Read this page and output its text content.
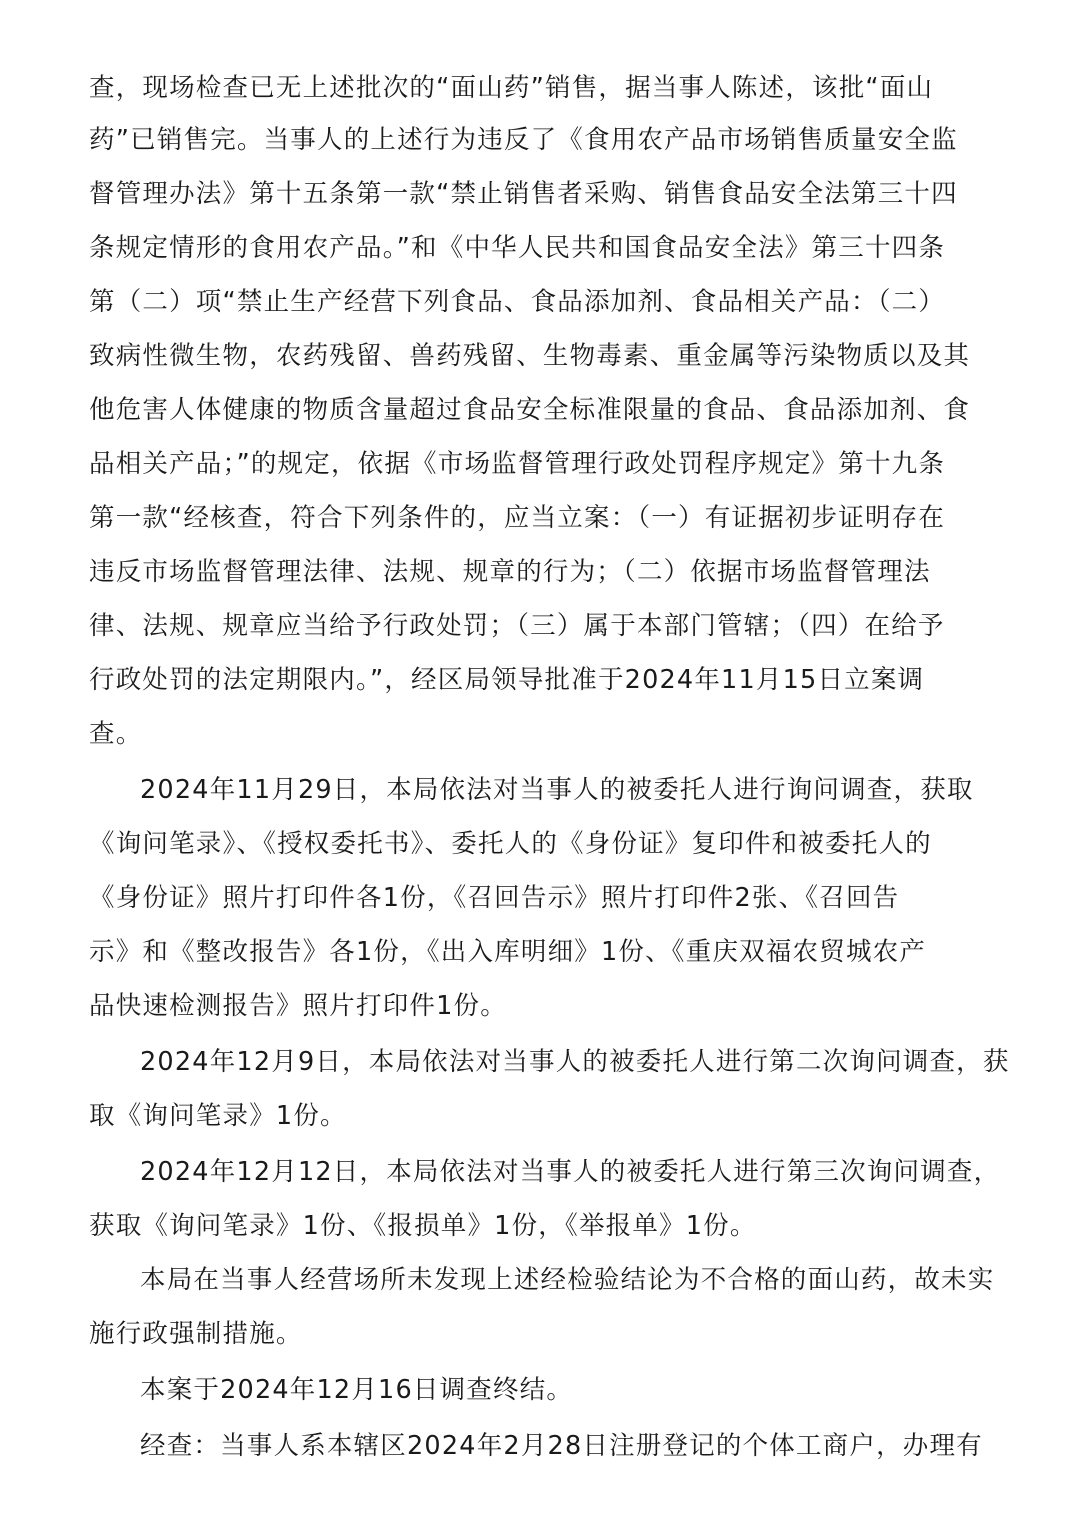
查，现场检查已无上述批次的“面山药”销售，据当事人陈述，该批“面山
药”已销售完。当事人的上述行为违反了《食用农产品市场销售质量安全监
督管理办法》第十五条第一款“禁止销售者采购、销售食品安全法第三十四
条规定情形的食用农产品。”和《中华人民共和国食品安全法》第三十四条
第（二）项“禁止生产经营下列食品、食品添加剂、食品相关产品：（二）
致病性微生物，农药残留、兽药残留、生物毒素、重金属等污染物质以及其
他危害人体健康的物质含量超过食品安全标准限量的食品、食品添加剂、食
品相关产品；”的规定，依据《市场监督管理行政处罚程序规定》第十九条
第一款“经核查，符合下列条件的，应当立案：（一）有证据初步证明存在
违反市场监督管理法律、法规、规章的行为；（二）依据市场监督管理法
律、法规、规章应当给予行政处罚；（三）属于本部门管辖；（四）在给予
行政处罚的法定期限内。”，经区局领导批准于2024年11月15日立案调
查。
2024年11月29日，本局依法对当事人的被委托人进行询问调查，获取
《询问笔录》、《授权委托书》、委托人的《身份证》复印件和被委托人的
《身份证》照片打印件各1份，《召回告示》照片打印件2张、《召回告
示》和《整改报告》各1份，《出入库明细》1份、《重庆双福农贸城农产
品快速检测报告》照片打印件1份。
2024年12月9日，本局依法对当事人的被委托人进行第二次询问调查，获
取《询问笔录》1份。
2024年12月12日，本局依法对当事人的被委托人进行第三次询问调查，
获取《询问笔录》1份、《报损单》1份，《举报单》1份。
本局在当事人经营场所未发现上述经检验结论为不合格的面山药，故未实
施行政强制措施。
本案于2024年12月16日调查终结。
经查：当事人系本辖区2024年2月28日注册登记的个体工商户，办理有
